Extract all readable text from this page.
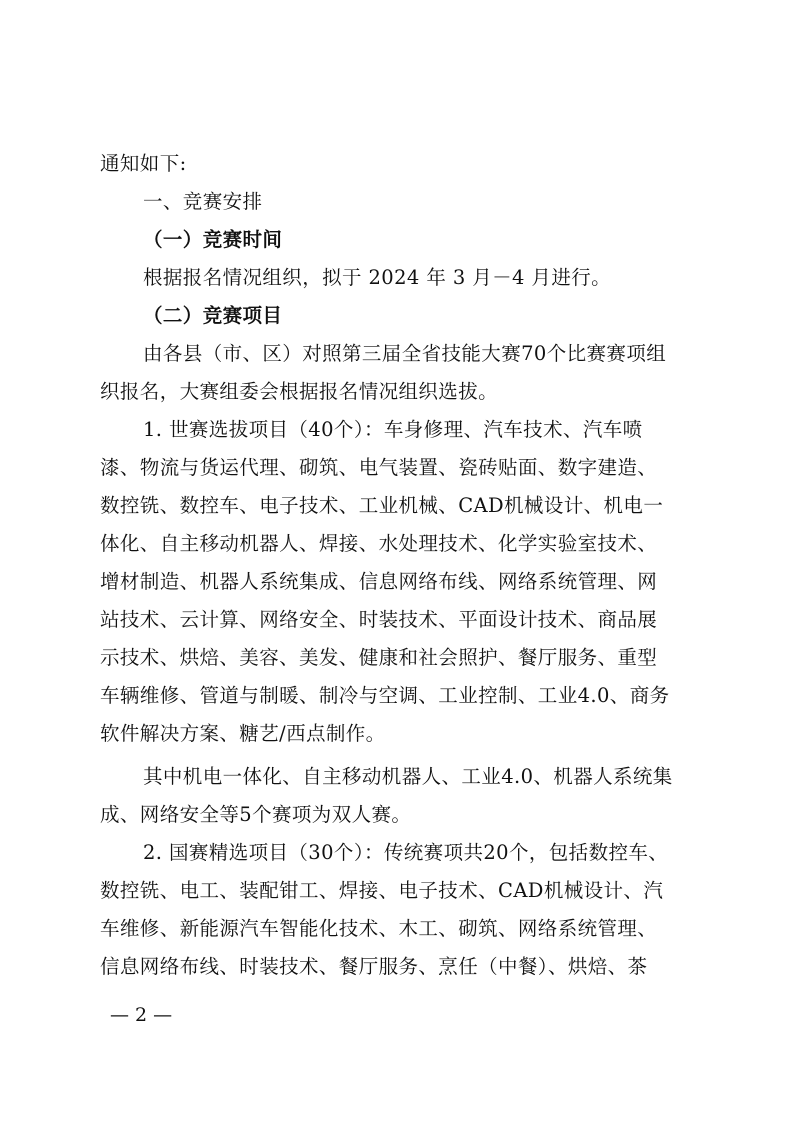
通知如下:
一、竞赛安排
（一）竞赛时间
根据报名情况组织，拟于 2024 年 3 月－4 月进行。
（二）竞赛项目
由各县（市、区）对照第三届全省技能大赛70个比赛赛项组
织报名，大赛组委会根据报名情况组织选拔。
1. 世赛选拔项目（40个）：车身修理、汽车技术、汽车喷
漆、物流与货运代理、砌筑、电气装置、瓷砖贴面、数字建造、
数控铣、数控车、电子技术、工业机械、CAD机械设计、机电一
体化、自主移动机器人、焊接、水处理技术、化学实验室技术、
增材制造、机器人系统集成、信息网络布线、网络系统管理、网
站技术、云计算、网络安全、时装技术、平面设计技术、商品展
示技术、烘焙、美容、美发、健康和社会照护、餐厅服务、重型
车辆维修、管道与制暖、制冷与空调、工业控制、工业4.0、商务
软件解决方案、糖艺/西点制作。
其中机电一体化、自主移动机器人、工业4.0、机器人系统集
成、网络安全等5个赛项为双人赛。
2. 国赛精选项目（30个）：传统赛项共20个，包括数控车、
数控铣、电工、装配钳工、焊接、电子技术、CAD机械设计、汽
车维修、新能源汽车智能化技术、木工、砌筑、网络系统管理、
信息网络布线、时装技术、餐厅服务、烹任（中餐）、烘焙、茶
— 2 —
